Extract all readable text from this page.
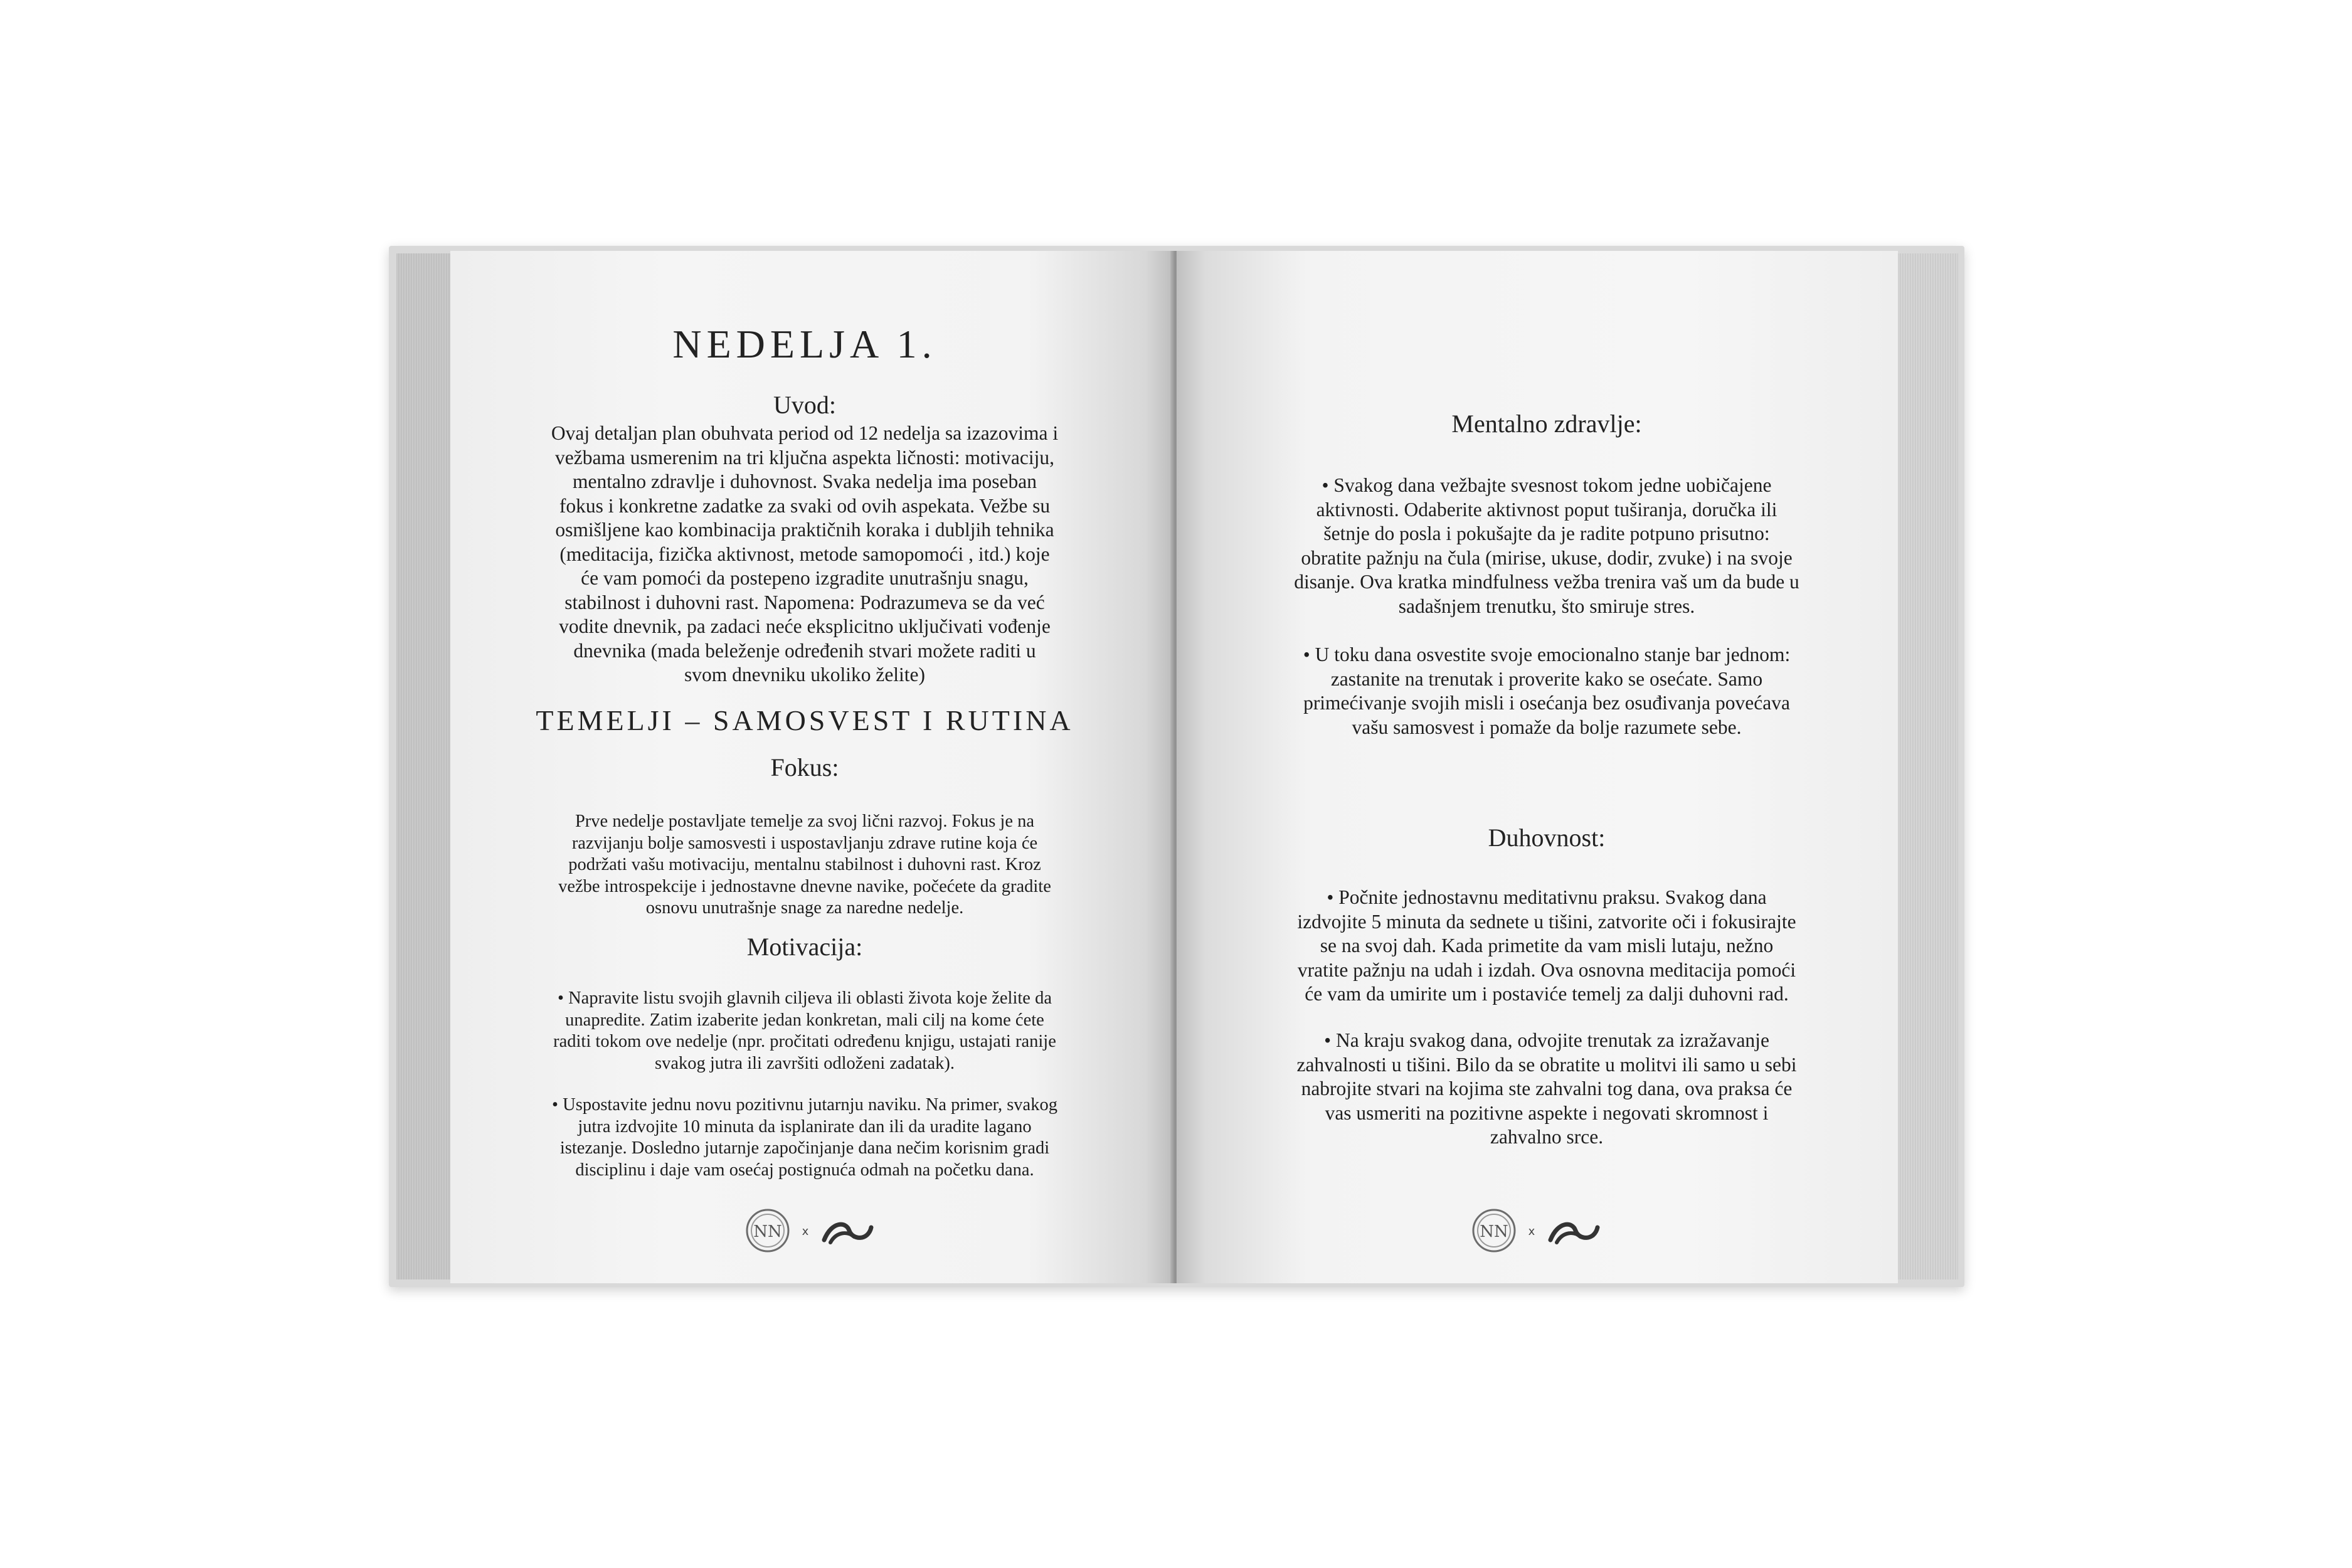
NEDELJA 1.
Uvod:
Ovaj detaljan plan obuhvata period od 12 nedelja sa izazovima i
vežbama usmerenim na tri ključna aspekta ličnosti: motivaciju,
mentalno zdravlje i duhovnost. Svaka nedelja ima poseban
fokus i konkretne zadatke za svaki od ovih aspekata. Vežbe su
osmišljene kao kombinacija praktičnih koraka i dubljih tehnika
(meditacija, fizička aktivnost, metode samopomoći , itd.) koje
će vam pomoći da postepeno izgradite unutrašnju snagu,
stabilnost i duhovni rast. Napomena: Podrazumeva se da već
vodite dnevnik, pa zadaci neće eksplicitno uključivati vođenje
dnevnika (mada beleženje određenih stvari možete raditi u
svom dnevniku ukoliko želite)
TEMELJI – SAMOSVEST I RUTINA
Fokus:
Prve nedelje postavljate temelje za svoj lični razvoj. Fokus je na
razvijanju bolje samosvesti i uspostavljanju zdrave rutine koja će
podržati vašu motivaciju, mentalnu stabilnost i duhovni rast. Kroz
vežbe introspekcije i jednostavne dnevne navike, počećete da gradite
osnovu unutrašnje snage za naredne nedelje.
Motivacija:
• Napravite listu svojih glavnih ciljeva ili oblasti života koje želite da
unapredite. Zatim izaberite jedan konkretan, mali cilj na kome ćete
raditi tokom ove nedelje (npr. pročitati određenu knjigu, ustajati ranije
svakog jutra ili završiti odloženi zadatak).
• Uspostavite jednu novu pozitivnu jutarnju naviku. Na primer, svakog
jutra izdvojite 10 minuta da isplanirate dan ili da uradite lagano
istezanje. Dosledno jutarnje započinjanje dana nečim korisnim gradi
disciplinu i daje vam osećaj postignuća odmah na početku dana.
NN x
Mentalno zdravlje:
• Svakog dana vežbajte svesnost tokom jedne uobičajene
aktivnosti. Odaberite aktivnost poput tuširanja, doručka ili
šetnje do posla i pokušajte da je radite potpuno prisutno:
obratite pažnju na čula (mirise, ukuse, dodir, zvuke) i na svoje
disanje. Ova kratka mindfulness vežba trenira vaš um da bude u
sadašnjem trenutku, što smiruje stres.
• U toku dana osvestite svoje emocionalno stanje bar jednom:
zastanite na trenutak i proverite kako se osećate. Samo
primećivanje svojih misli i osećanja bez osuđivanja povećava
vašu samosvest i pomaže da bolje razumete sebe.
Duhovnost:
• Počnite jednostavnu meditativnu praksu. Svakog dana
izdvojite 5 minuta da sednete u tišini, zatvorite oči i fokusirajte
se na svoj dah. Kada primetite da vam misli lutaju, nežno
vratite pažnju na udah i izdah. Ova osnovna meditacija pomoći
će vam da umirite um i postaviće temelj za dalji duhovni rad.
• Na kraju svakog dana, odvojite trenutak za izražavanje
zahvalnosti u tišini. Bilo da se obratite u molitvi ili samo u sebi
nabrojite stvari na kojima ste zahvalni tog dana, ova praksa će
vas usmeriti na pozitivne aspekte i negovati skromnost i
zahvalno srce.
NN x
